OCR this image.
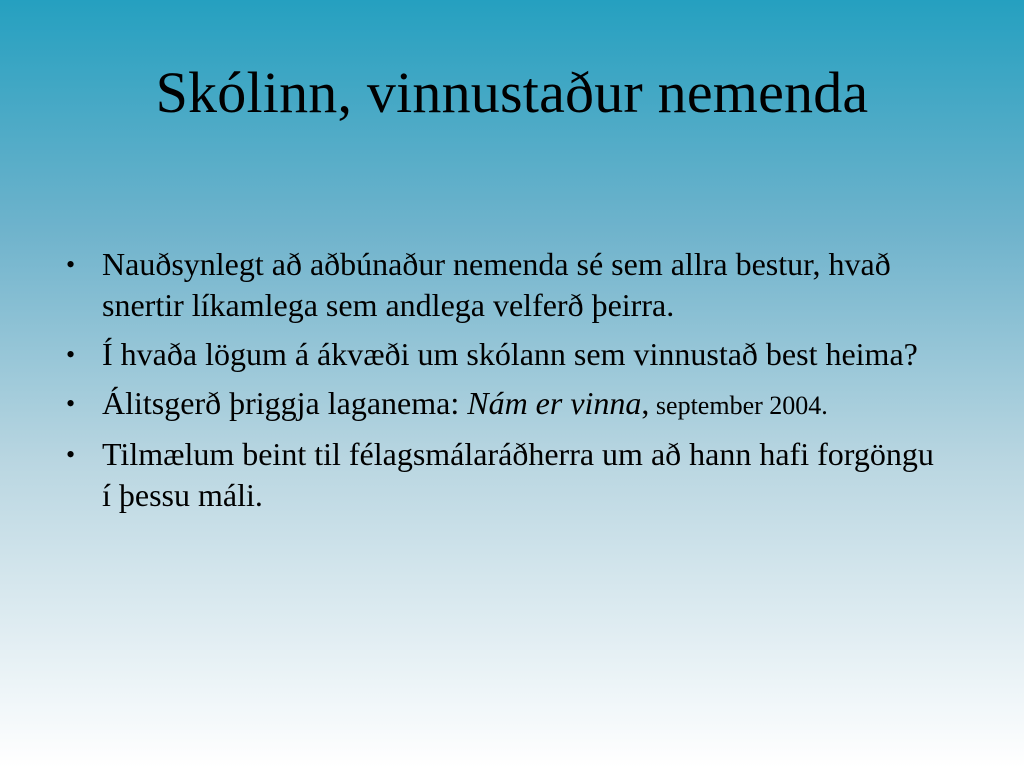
Skólinn, vinnustaður nemenda
• Nauðsynlegt að aðbúnaður nemenda sé sem allra bestur, hvað snertir líkamlega sem andlega velferð þeirra.
• Í hvaða lögum á ákvæði um skólann sem vinnustað best heima?
• Álitsgerð þriggja laganema: Nám er vinna, september 2004.
• Tilmælum beint til félagsmálaráðherra um að hann hafi forgöngu í þessu máli.
